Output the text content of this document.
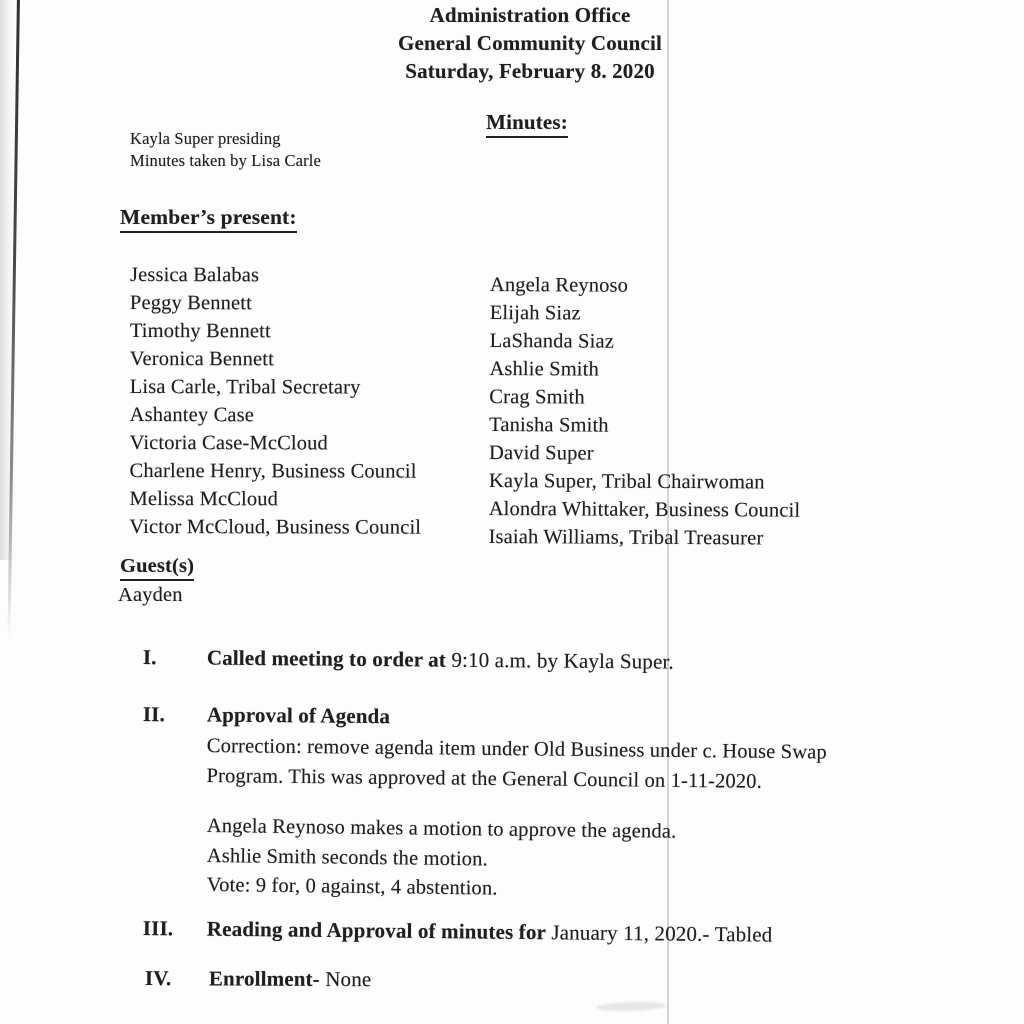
Administration Office
General Community Council
Saturday, February 8. 2020
Minutes:
Kayla Super presiding
Minutes taken by Lisa Carle
Member’s present:
Jessica Balabas
Peggy Bennett
Timothy Bennett
Veronica Bennett
Lisa Carle, Tribal Secretary
Ashantey Case
Victoria Case-McCloud
Charlene Henry, Business Council
Melissa McCloud
Victor McCloud, Business Council
Angela Reynoso
Elijah Siaz
LaShanda Siaz
Ashlie Smith
Crag Smith
Tanisha Smith
David Super
Kayla Super, Tribal Chairwoman
Alondra Whittaker, Business Council
Isaiah Williams, Tribal Treasurer
Guest(s)
Aayden
I. Called meeting to order at 9:10 a.m. by Kayla Super.
II. Approval of Agenda
Correction: remove agenda item under Old Business under c. House Swap Program. This was approved at the General Council on 1-11-2020.
Angela Reynoso makes a motion to approve the agenda.
Ashlie Smith seconds the motion.
Vote: 9 for, 0 against, 4 abstention.
III. Reading and Approval of minutes for January 11, 2020.- Tabled
IV. Enrollment- None
